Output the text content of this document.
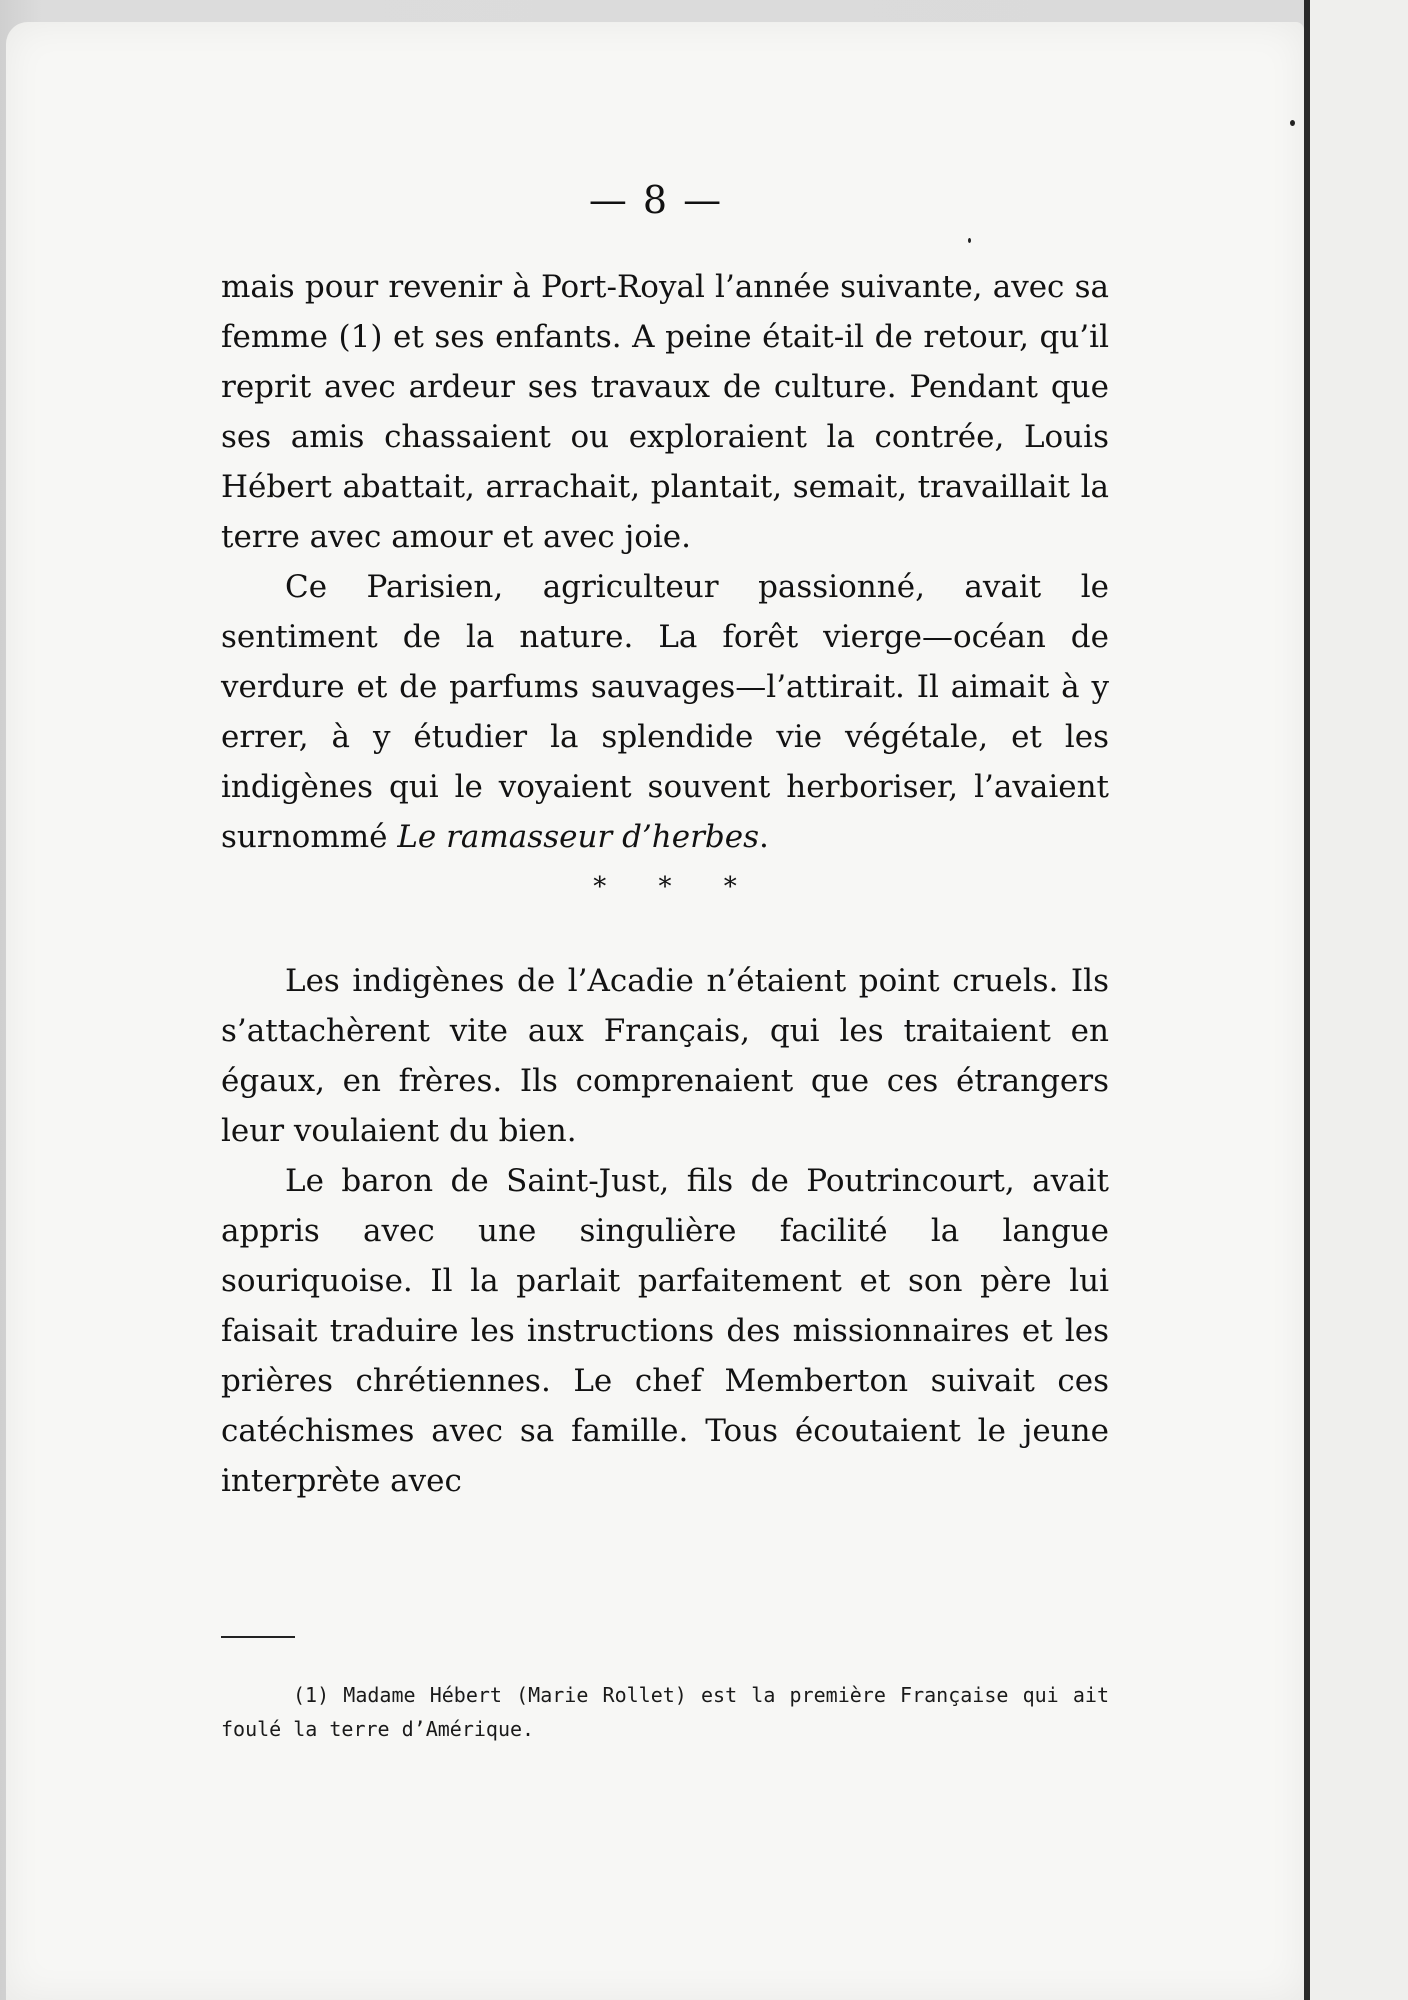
— 8 —

mais pour revenir à Port-Royal l’année suivante, avec sa femme (1) et ses enfants. A peine était-il de retour, qu’il reprit avec ardeur ses travaux de culture. Pendant que ses amis chassaient ou exploraient la contrée, Louis Hébert abattait, arrachait, plantait, semait, travaillait la terre avec amour et avec joie.

Ce Parisien, agriculteur passionné, avait le sentiment de la nature. La forêt vierge—océan de verdure et de parfums sauvages—l’attirait. Il aimait à y errer, à y étudier la splendide vie végétale, et les indigènes qui le voyaient souvent herboriser, l’avaient surnommé Le ramasseur d’herbes.

* * *

Les indigènes de l’Acadie n’étaient point cruels. Ils s’attachèrent vite aux Français, qui les traitaient en égaux, en frères. Ils comprenaient que ces étrangers leur voulaient du bien.

Le baron de Saint-Just, fils de Poutrincourt, avait appris avec une singulière facilité la langue souriquoise. Il la parlait parfaitement et son père lui faisait traduire les instructions des missionnaires et les prières chrétiennes. Le chef Memberton suivait ces catéchismes avec sa famille. Tous écoutaient le jeune interprète avec

(1) Madame Hébert (Marie Rollet) est la première Française qui ait foulé la terre d’Amérique.
